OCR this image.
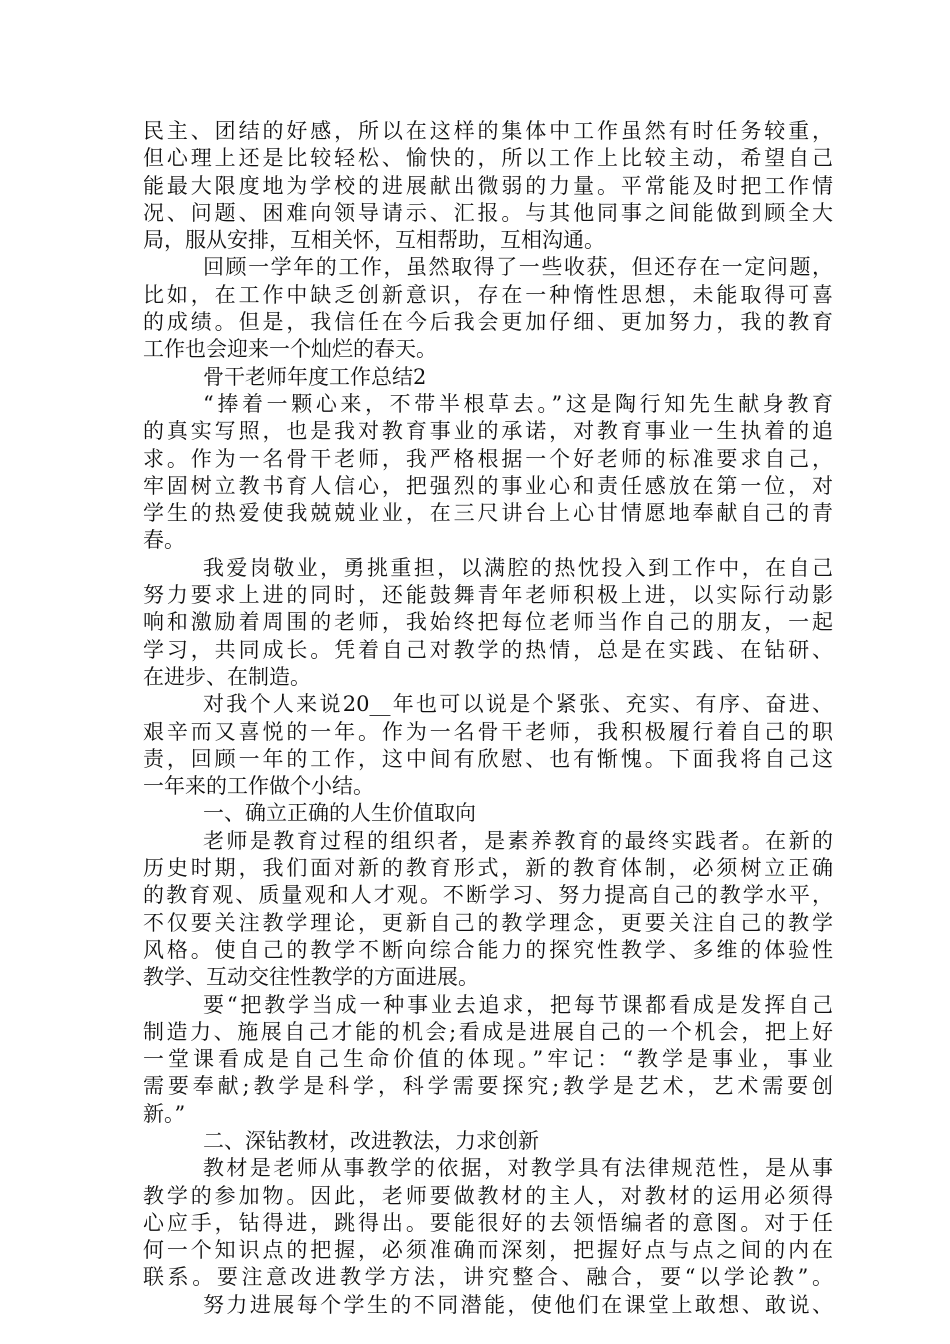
民主、团结的好感，所以在这样的集体中工作虽然有时任务较重，
但心理上还是比较轻松、愉快的，所以工作上比较主动，希望自己
能最大限度地为学校的进展献出微弱的力量。平常能及时把工作情
况、问题、困难向领导请示、汇报。与其他同事之间能做到顾全大
局，服从安排，互相关怀，互相帮助，互相沟通。
回顾一学年的工作，虽然取得了一些收获，但还存在一定问题，
比如，在工作中缺乏创新意识，存在一种惰性思想，未能取得可喜
的成绩。但是，我信任在今后我会更加仔细、更加努力，我的教育
工作也会迎来一个灿烂的春天。
骨干老师年度工作总结2
“捧着一颗心来，不带半根草去。”这是陶行知先生献身教育
的真实写照，也是我对教育事业的承诺，对教育事业一生执着的追
求。作为一名骨干老师，我严格根据一个好老师的标准要求自己，
牢固树立教书育人信心，把强烈的事业心和责任感放在第一位，对
学生的热爱使我兢兢业业，在三尺讲台上心甘情愿地奉献自己的青
春。
我爱岗敬业，勇挑重担，以满腔的热忱投入到工作中，在自己
努力要求上进的同时，还能鼓舞青年老师积极上进，以实际行动影
响和激励着周围的老师，我始终把每位老师当作自己的朋友，一起
学习，共同成长。凭着自己对教学的热情，总是在实践、在钻研、
在进步、在制造。
对我个人来说20__年也可以说是个紧张、充实、有序、奋进、
艰辛而又喜悦的一年。作为一名骨干老师，我积极履行着自己的职
责，回顾一年的工作，这中间有欣慰、也有惭愧。下面我将自己这
一年来的工作做个小结。
一、确立正确的人生价值取向
老师是教育过程的组织者，是素养教育的最终实践者。在新的
历史时期，我们面对新的教育形式，新的教育体制，必须树立正确
的教育观、质量观和人才观。不断学习、努力提高自己的教学水平，
不仅要关注教学理论，更新自己的教学理念，更要关注自己的教学
风格。使自己的教学不断向综合能力的探究性教学、多维的体验性
教学、互动交往性教学的方面进展。
要“把教学当成一种事业去追求，把每节课都看成是发挥自己
制造力、施展自己才能的机会;看成是进展自己的一个机会，把上好
一堂课看成是自己生命价值的体现。”牢记：“教学是事业，事业
需要奉献;教学是科学，科学需要探究;教学是艺术，艺术需要创
新。”
二、深钻教材，改进教法，力求创新
教材是老师从事教学的依据，对教学具有法律规范性，是从事
教学的参加物。因此，老师要做教材的主人，对教材的运用必须得
心应手，钻得进，跳得出。要能很好的去领悟编者的意图。对于任
何一个知识点的把握，必须准确而深刻，把握好点与点之间的内在
联系。要注意改进教学方法，讲究整合、融合，要“以学论教”。
努力进展每个学生的不同潜能，使他们在课堂上敢想、敢说、
